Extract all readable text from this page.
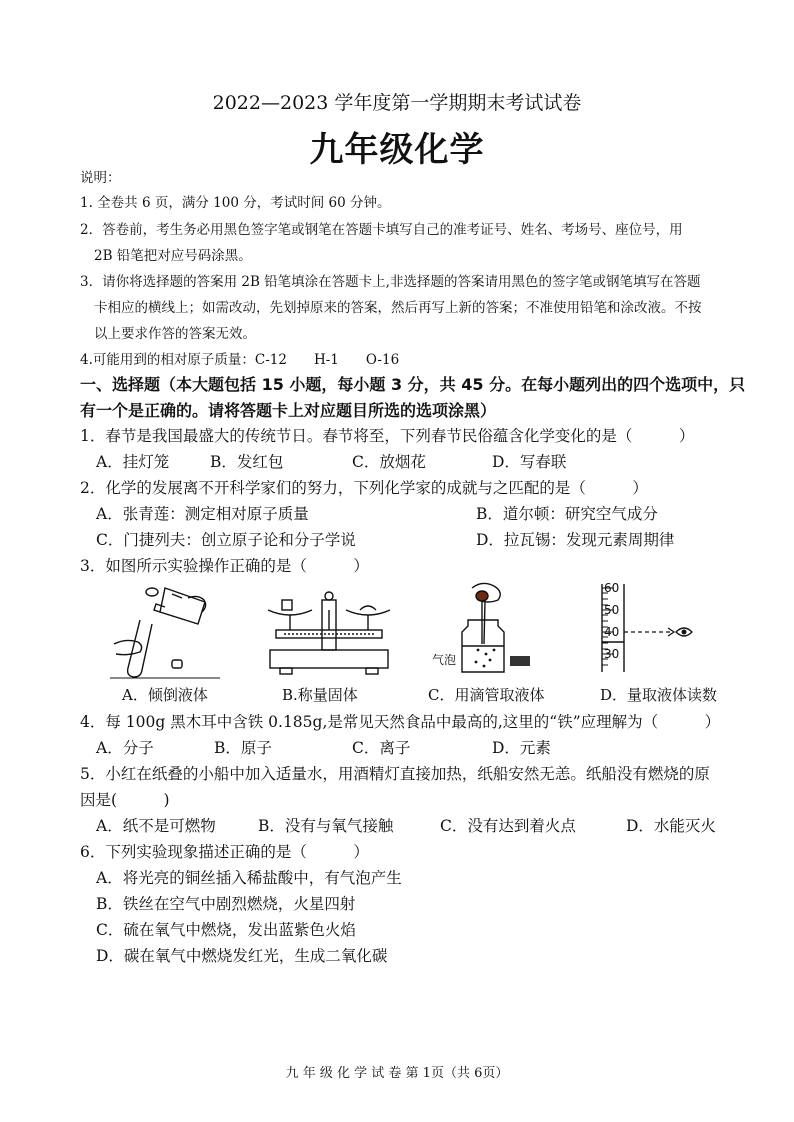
2022—2023 学年度第一学期期末考试试卷
九年级化学
说明：
1. 全卷共 6 页，满分 100 分，考试时间 60 分钟。
2．答卷前，考生务必用黑色签字笔或钢笔在答题卡填写自己的准考证号、姓名、考场号、座位号，用
2B 铅笔把对应号码涂黑。
3．请你将选择题的答案用 2B 铅笔填涂在答题卡上,非选择题的答案请用黑色的签字笔或钢笔填写在答题
卡相应的横线上；如需改动，先划掉原来的答案，然后再写上新的答案；不准使用铅笔和涂改液。不按
以上要求作答的答案无效。
4.可能用到的相对原子质量：C-12　　H-1　　O-16
一、选择题（本大题包括 15 小题，每小题 3 分，共 45 分。在每小题列出的四个选项中，只
有一个是正确的。请将答题卡上对应题目所选的选项涂黑）
1．春节是我国最盛大的传统节日。春节将至，下列春节民俗蕴含化学变化的是（　　　）
A．挂灯笼	B．发红包	C．放烟花	D．写春联
2．化学的发展离不开科学家们的努力，下列化学家的成就与之匹配的是（　　　）
A．张青莲：测定相对原子质量	B．道尔顿：研究空气成分
C．门捷列夫：创立原子论和分子学说	D．拉瓦锡：发现元素周期律
3．如图所示实验操作正确的是（　　　）
气泡
60
50
40
30
A．倾倒液体	B.称量固体	C．用滴管取液体	D．量取液体读数
4．每 100g 黑木耳中含铁 0.185g,是常见天然食品中最高的,这里的“铁”应理解为（　　　）
A．分子	B．原子	C．离子	D．元素
5．小红在纸叠的小船中加入适量水，用酒精灯直接加热，纸船安然无恙。纸船没有燃烧的原
因是(　　　)
A．纸不是可燃物	B．没有与氧气接触	C．没有达到着火点	D．水能灭火
6．下列实验现象描述正确的是（　　　）
A．将光亮的铜丝插入稀盐酸中，有气泡产生
B．铁丝在空气中剧烈燃烧，火星四射
C．硫在氧气中燃烧，发出蓝紫色火焰
D．碳在氧气中燃烧发红光，生成二氧化碳
九 年 级 化 学 试 卷 第 1页（共 6页）
